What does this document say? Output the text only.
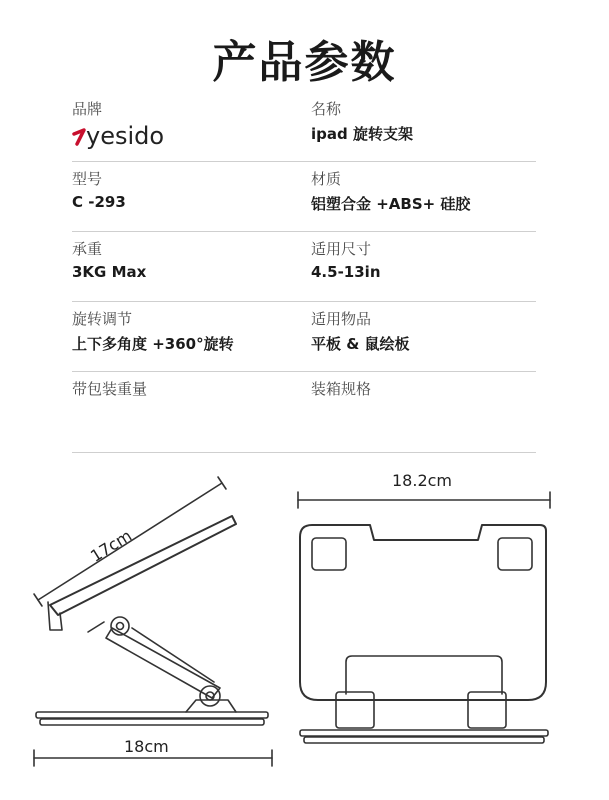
产品参数
品牌
yesido
名称
ipad 旋转支架
型号
C -293
材质
铝塑合金 +ABS+ 硅胶
承重
3KG Max
适用尺寸
4.5-13in
旋转调节
上下多角度 +360°旋转
适用物品
平板 & 鼠绘板
带包装重量	装箱规格
17cm
18cm
18.2cm
